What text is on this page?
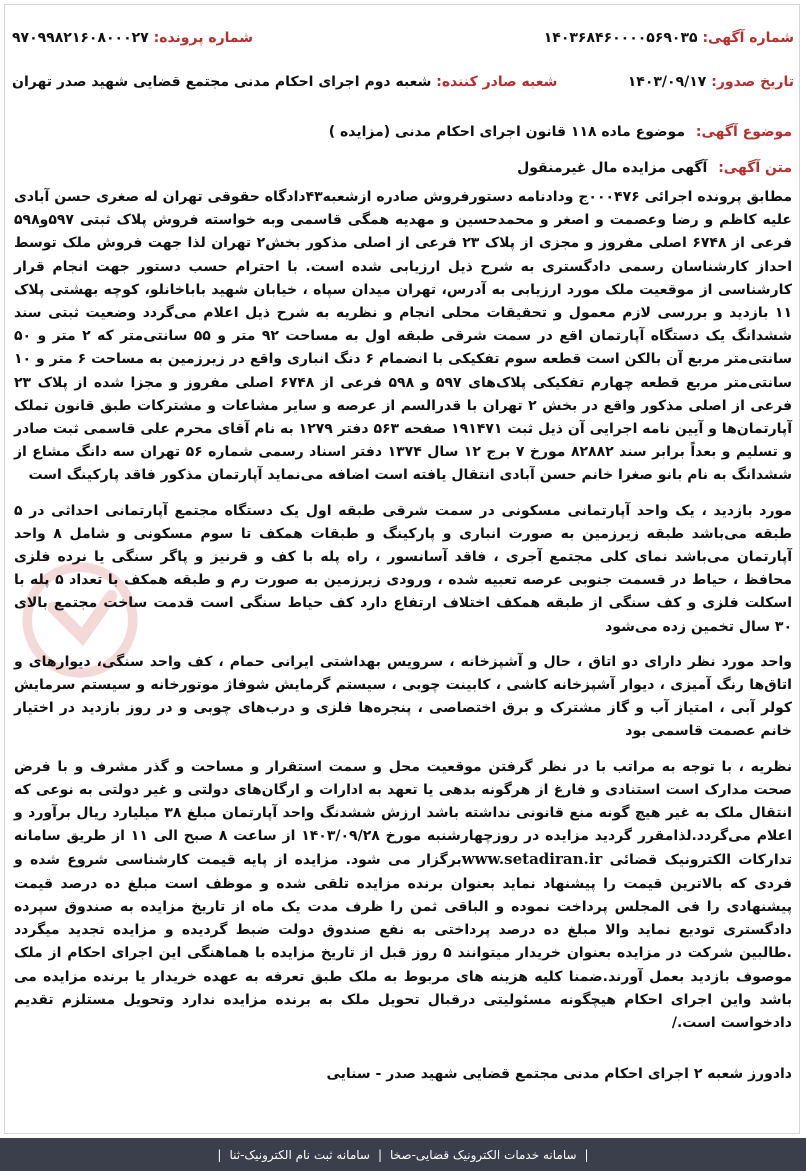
شماره آگهی: ۱۴۰۳۶۸۴۶۰۰۰۰۵۶۹۰۳۵
شماره پرونده: ۹۷۰۹۹۸۲۱۶۰۸۰۰۰۲۷
تاریخ صدور: ۱۴۰۳/۰۹/۱۷
شعبه صادر کننده: شعبه دوم اجرای احکام مدنی مجتمع قضایی شهید صدر تهران
موضوع آگهی: موضوع ماده ۱۱۸ قانون اجرای احکام مدنی (مزایده )
متن آگهی: آگهی مزایده مال غیرمنقول

مطابق پرونده اجرائی ۰۰۰۴۷۶ج ودادنامه دستورفروش صادره ازشعبه۴۳دادگاه حقوقی تهران له صغری حسن آبادی علیه کاظم و رضا وعصمت و اصغر و محمدحسین و مهدیه همگی قاسمی وبه خواسته فروش پلاک ثبتی ۵۹۷و۵۹۸ فرعی از ۶۷۴۸ اصلی مفروز و مجزی از پلاک ۲۳ فرعی از اصلی مذکور بخش۲ تهران لذا جهت فروش ملک توسط احداز کارشناسان رسمی دادگستری به شرح ذیل ارزیابی شده است. با احترام حسب دستور جهت انجام قرار کارشناسی از موقعیت ملک مورد ارزیابی به آدرس، تهران میدان سپاه ، خیابان شهید باباخانلو، کوچه بهشتی پلاک ۱۱ بازدید و بررسی لازم معمول و تحقیقات محلی انجام و نظریه به شرح ذیل اعلام می‌گردد وضعیت ثبتی سند ششدانگ یک دستگاه آپارتمان اقع در سمت شرقی طبقه اول به مساحت ۹۲ متر و ۵۵ سانتی‌متر که ۲ متر و ۵۰ سانتی‌متر مربع آن بالکن است قطعه سوم تفکیکی با انضمام ۶ دنگ انباری واقع در زیرزمین به مساحت ۶ متر و ۱۰ سانتی‌متر مربع قطعه چهارم تفکیکی پلاک‌های ۵۹۷ و ۵۹۸ فرعی از ۶۷۴۸ اصلی مفروز و مجزا شده از پلاک ۲۳ فرعی از اصلی مذکور واقع در بخش ۲ تهران با قدرالسم از عرصه و سایر مشاعات و مشترکات طبق قانون تملک آپارتمان‌ها و آیین نامه اجرایی آن ذیل ثبت ۱۹۱۴۷۱ صفحه ۵۶۳ دفتر ۱۲۷۹ به نام آقای محرم علی قاسمی ثبت صادر و تسلیم و بعداً برابر سند ۸۲۸۸۲ مورخ ۷ برج ۱۲ سال ۱۳۷۴ دفتر اسناد رسمی شماره ۵۶ تهران سه دانگ مشاع از ششدانگ به نام بانو صغرا خانم حسن آبادی انتقال یافته است اضافه می‌نماید آپارتمان مذکور فاقد پارکینگ است

مورد بازدید ، یک واحد آپارتمانی مسکونی در سمت شرقی طبقه اول یک دستگاه مجتمع آپارتمانی احداثی در ۵ طبقه می‌باشد طبقه زیرزمین به صورت انباری و پارکینگ و طبقات همکف تا سوم مسکونی و شامل ۸ واحد آپارتمان می‌باشد نمای کلی مجتمع آجری ، فاقد آسانسور ، راه پله با کف و قرنیز و پاگر سنگی یا نرده فلزی محافظ ، حیاط در قسمت جنوبی عرصه تعبیه شده ، ورودی زیرزمین به صورت رم و طبقه همکف با تعداد ۵ پله با اسکلت فلزی و کف سنگی از طبقه همکف اختلاف ارتفاع دارد کف حیاط سنگی است قدمت ساخت مجتمع بالای ۳۰ سال تخمین زده می‌شود

واحد مورد نظر دارای دو اتاق ، حال و آشپزخانه ، سرویس بهداشتی ایرانی حمام ، کف واحد سنگی، دیوارهای و اتاق‌ها رنگ آمیزی ، دیوار آشپزخانه کاشی ، کابینت چوبی ، سیستم گرمایش شوفاژ موتورخانه و سیستم سرمایش کولر آبی ، امتیاز آب و گاز مشترک و برق اختصاصی ، پنجره‌ها فلزی و درب‌های چوبی و در روز بازدید در اختیار خانم عصمت قاسمی بود

نظریه ، با توجه به مراتب با در نظر گرفتن موقعیت محل و سمت استقرار و مساحت و گذر مشرف و با فرض صحت مدارک است استنادی و فارغ از هرگونه بدهی یا تعهد به ادارات و ارگان‌های دولتی و غیر دولتی به نوعی که انتقال ملک به غیر هیچ گونه منع قانونی نداشته باشد ارزش ششدنگ واحد آپارتمان مبلغ ۳۸ میلیارد ریال برآورد و اعلام می‌گردد.لذامقرر گردید مزایده در روزچهارشنبه مورخ ۱۴۰۳/۰۹/۲۸ از ساعت ۸ صبح الی ۱۱ از طریق سامانه تدارکات الکترونیک قضائی www.setadiran.irبرگزار می شود. مزایده از پایه قیمت کارشناسی شروع شده و فردی که بالاترین قیمت را پیشنهاد نماید بعنوان برنده مزایده تلقی شده و موظف است مبلغ ده درصد قیمت پیشنهادی را فی المجلس پرداخت نموده و الباقی ثمن را ظرف مدت یک ماه از تاریخ مزایده به صندوق سپرده دادگستری تودیع نماید والا مبلغ ده درصد پرداختی به نفع صندوق دولت ضبط گردیده و مزایده تجدید میگردد .طالبین شرکت در مزایده بعنوان خریدار میتوانند ۵ روز قبل از تاریخ مزایده با هماهنگی این اجرای احکام از ملک موصوف بازدید بعمل آورند.ضمنا کلیه هزینه های مربوط به ملک طبق تعرفه به عهده خریدار یا برنده مزایده می باشد واین اجرای احکام هیچگونه مسئولیتی درقبال تحویل ملک به برنده مزایده ندارد وتحویل مستلزم تقدیم دادخواست است./

دادورز شعبه ۲ اجرای احکام مدنی مجتمع قضایی شهید صدر - سنایی
|
سامانه خدمات الکترونیک قضایی-صخا
|
سامانه ثبت نام الکترونیک-ثنا
|
